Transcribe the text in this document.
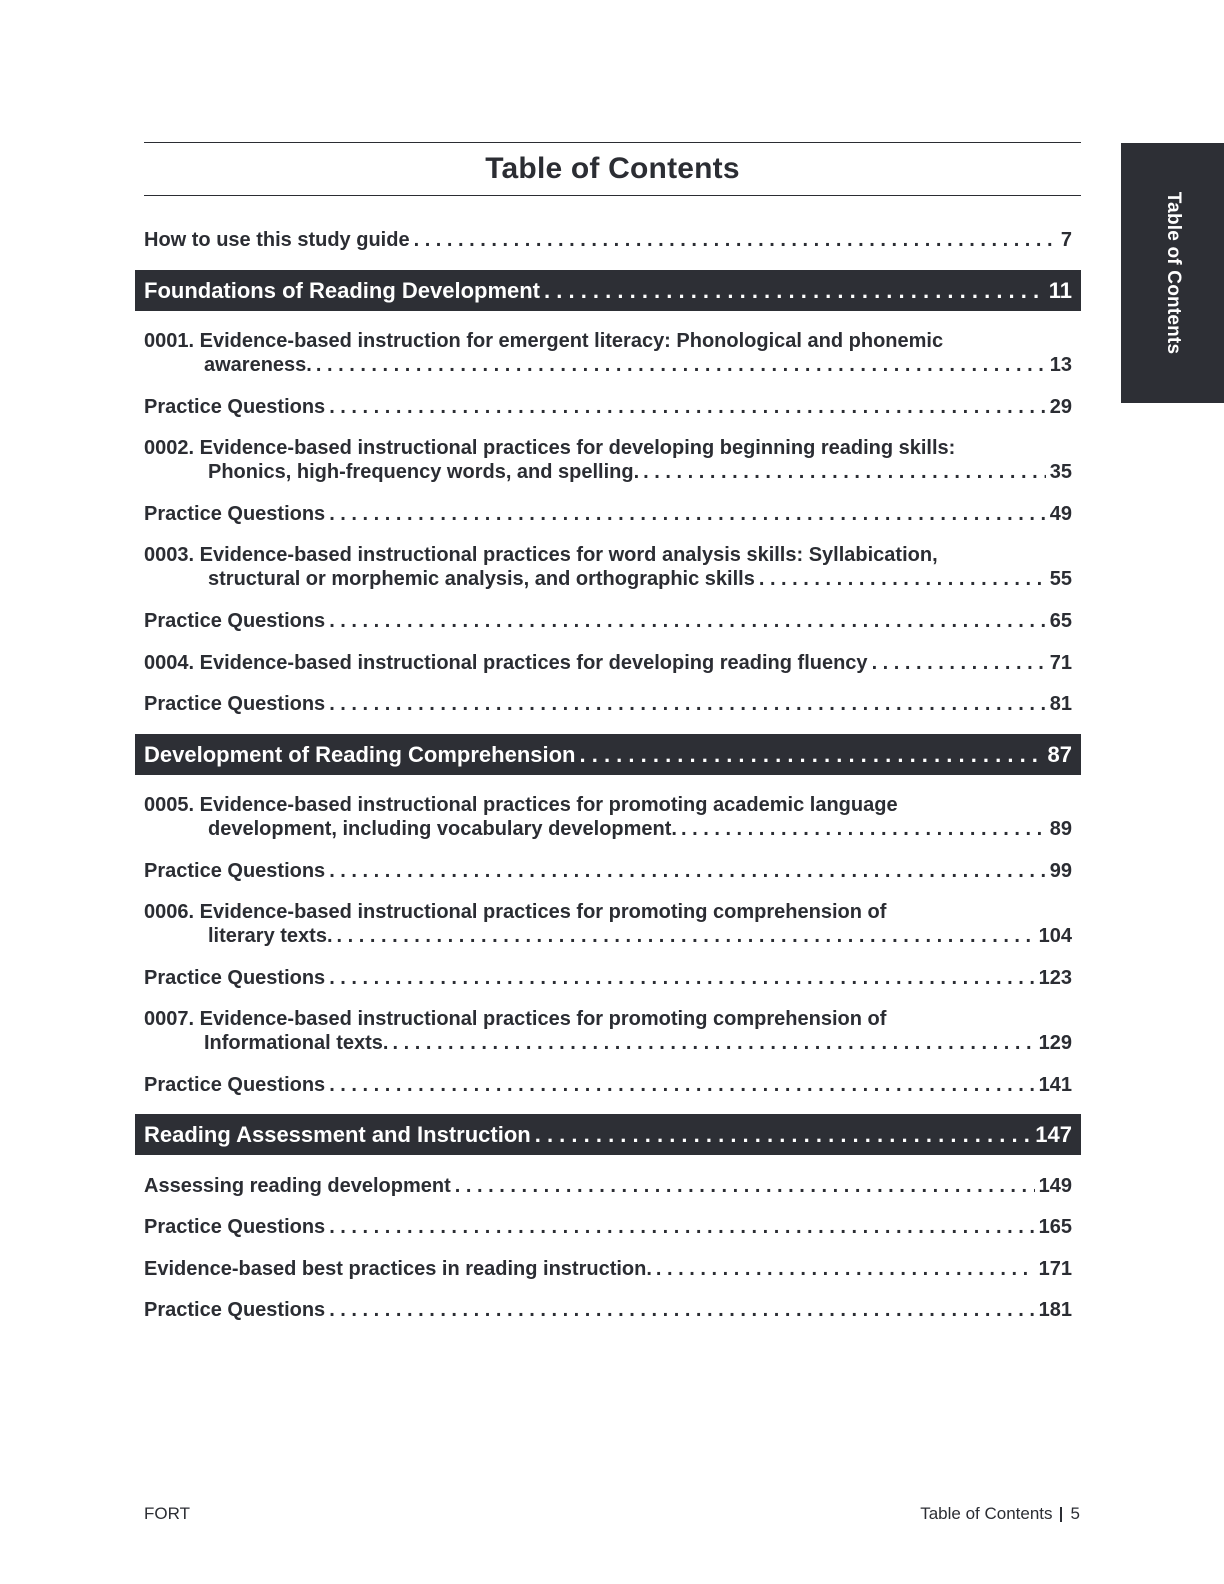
Table of Contents
Table of Contents
How to use this study guide . . .	7
Foundations of Reading Development . . .	11
0001. Evidence-based instruction for emergent literacy: Phonological and phonemic
awareness. . . .	13
Practice Questions . . .	29
0002. Evidence-based instructional practices for developing beginning reading skills:
Phonics, high-frequency words, and spelling. . . .	35
Practice Questions . . .	49
0003. Evidence-based instructional practices for word analysis skills: Syllabication,
structural or morphemic analysis, and orthographic skills . . .	55
Practice Questions . . .	65
0004. Evidence-based instructional practices for developing reading fluency . . .	71
Practice Questions . . .	81
Development of Reading Comprehension . . .	87
0005. Evidence-based instructional practices for promoting academic language
development, including vocabulary development. . . .	89
Practice Questions . . .	99
0006. Evidence-based instructional practices for promoting comprehension of
literary texts. . . .	104
Practice Questions . . .	123
0007. Evidence-based instructional practices for promoting comprehension of
Informational texts. . . .	129
Practice Questions . . .	141
Reading Assessment and Instruction . . .	147
Assessing reading development . . .	149
Practice Questions . . .	165
Evidence-based best practices in reading instruction. . . .	171
Practice Questions . . .	181
FORT	Table of Contents 5
